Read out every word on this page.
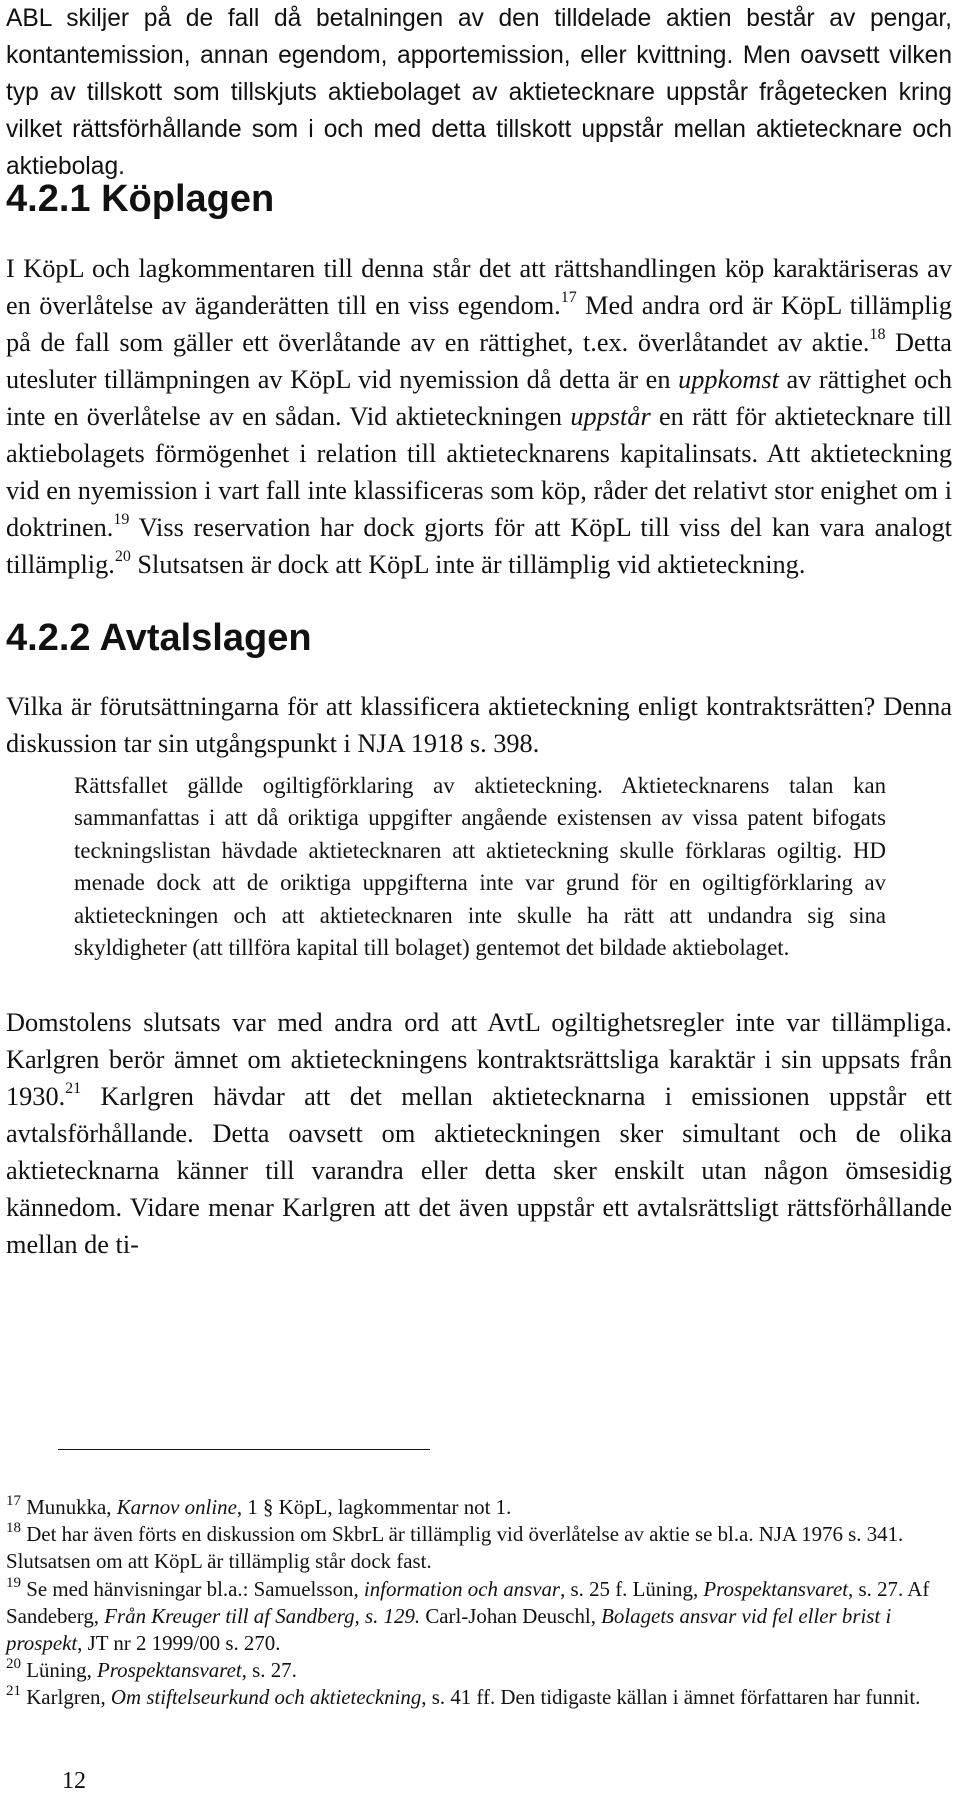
ABL skiljer på de fall då betalningen av den tilldelade aktien består av pengar, kontantemission, annan egendom, apportemission, eller kvittning. Men oavsett vilken typ av tillskott som tillskjuts aktiebolaget av aktietecknare uppstår frågetecken kring vilket rättsförhållande som i och med detta tillskott uppstår mellan aktietecknare och aktiebolag.

4.2.1 Köplagen

I KöpL och lagkommentaren till denna står det att rättshandlingen köp karaktäriseras av en överlåtelse av äganderätten till en viss egendom.$^{17}$ Med andra ord är KöpL tillämplig på de fall som gäller ett överlåtande av en rättighet, t.ex. överlåtandet av aktie.$^{18}$ Detta utesluter tillämpningen av KöpL vid nyemission då detta är en uppkomst av rättighet och inte en överlåtelse av en sådan. Vid aktieteckningen uppstår en rätt för aktietecknare till aktiebolagets förmögenhet i relation till aktietecknarens kapitalinsats. Att aktieteckning vid en nyemission i vart fall inte klassificeras som köp, råder det relativt stor enighet om i doktrinen.$^{19}$ Viss reservation har dock gjorts för att KöpL till viss del kan vara analogt tillämplig.$^{20}$ Slutsatsen är dock att KöpL inte är tillämplig vid aktieteckning.

4.2.2 Avtalslagen

Vilka är förutsättningarna för att klassificera aktieteckning enligt kontraktsrätten? Denna diskussion tar sin utgångspunkt i NJA 1918 s. 398.

Rättsfallet gällde ogiltigförklaring av aktieteckning. Aktietecknarens talan kan sammanfattas i att då oriktiga uppgifter angående existensen av vissa patent bifogats teckningslistan hävdade aktietecknaren att aktieteckning skulle förklaras ogiltig. HD menade dock att de oriktiga uppgifterna inte var grund för en ogiltigförklaring av aktieteckningen och att aktietecknaren inte skulle ha rätt att undandra sig sina skyldigheter (att tillföra kapital till bolaget) gentemot det bildade aktiebolaget.

Domstolens slutsats var med andra ord att AvtL ogiltighetsregler inte var tillämpliga. Karlgren berör ämnet om aktieteckningens kontraktsrättsliga karaktär i sin uppsats från 1930.21 Karlgren hävdar att det mellan aktietecknarna i emissionen uppstår ett avtalsförhållande. Detta oavsett om aktieteckningen sker simultant och de olika aktietecknarna känner till varandra eller detta sker enskilt utan någon ömsesidig kännedom. Vidare menar Karlgren att det även uppstår ett avtalsrättsligt rättsförhållande mellan de ti-

$^{17}$ Munukka, Karnov online, 1 § KöpL, lagkommentar not 1.

$^{18}$ Det har även förts en diskussion om SkbrL är tillämplig vid överlåtelse av aktie se bl.a. NJA 1976 s. 341. Slutsatsen om att KöpL är tillämplig står dock fast.

$^{19}$ Se med hänvisningar bl.a.: Samuelsson, information och ansvar, s. 25 f. Lüning, Prospektansvaret, s. 27. Af Sandeberg, Från Kreuger till af Sandberg, s. 129. Carl-Johan Deuschl, Bolagets ansvar vid fel eller brist i prospekt, JT nr 2 1999/00 s. 270.

$^{20}$ Lüning, Prospektansvaret, s. 27.

$^{21}$ Karlgren, Om stiftelseurkund och aktieteckning, s. 41 ff. Den tidigaste källan i ämnet författaren har funnit.

12
